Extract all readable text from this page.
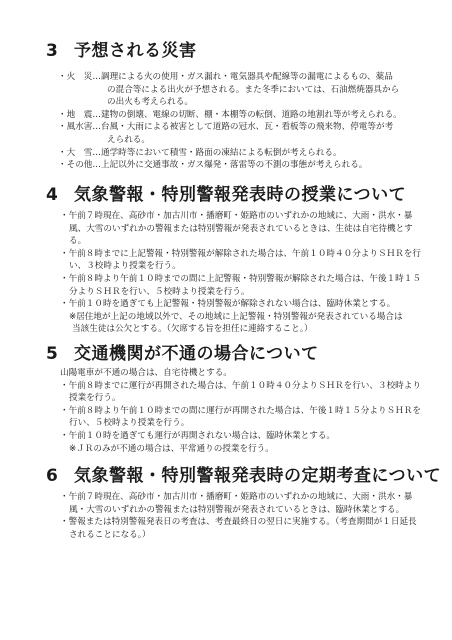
3 予想される災害
・火　災…調理による火の使用・ガス漏れ・電気器具や配線等の漏電によるもの、薬品
の混合等による出火が予想される。また冬季においては、石油燃焼器具から
の出火も考えられる。
・地　震…建物の倒壊、電線の切断、棚・本棚等の転倒、道路の地割れ等が考えられる。
・風水害…台風・大雨による被害として道路の冠水、瓦・看板等の飛来物、停電等が考
えられる。
・大　雪…通学時等において積雪・路面の凍結による転倒が考えられる。
・その他…上記以外に交通事故・ガス爆発・落雷等の不測の事態が考えられる。
4 気象警報・特別警報発表時の授業について
・午前７時現在、高砂市・加古川市・播磨町・姫路市のいずれかの地域に、大雨・洪水・暴
風、大雪のいずれかの警報または特別警報が発表されているときは、生徒は自宅待機とす
る。
・午前８時までに上記警報・特別警報が解除された場合は、午前１０時４０分よりＳＨＲを行
い、３校時より授業を行う。
・午前８時より午前１０時までの間に上記警報・特別警報が解除された場合は、午後１時１５
分よりＳＨＲを行い、５校時より授業を行う。
・午前１０時を過ぎても上記警報・特別警報が解除されない場合は、臨時休業とする。
※居住地が上記の地域以外で、その地域に上記警報・特別警報が発表されている場合は
当該生徒は公欠とする。（欠席する旨を担任に連絡すること。）
5 交通機関が不通の場合について
山陽電車が不通の場合は、自宅待機とする。
・午前８時までに運行が再開された場合は、午前１０時４０分よりＳＨＲを行い、３校時より
授業を行う。
・午前８時より午前１０時までの間に運行が再開された場合は、午後１時１５分よりＳＨＲを
行い、５校時より授業を行う。
・午前１０時を過ぎても運行が再開されない場合は、臨時休業とする。
※ＪＲのみが不通の場合は、平常通りの授業を行う。
6 気象警報・特別警報発表時の定期考査について
・午前７時現在、高砂市・加古川市・播磨町・姫路市のいずれかの地域に、大雨・洪水・暴
風・大雪のいずれかの警報または特別警報が発表されているときは、臨時休業とする。
・警報または特別警報発表日の考査は、考査最終日の翌日に実施する。（考査期間が１日延長
されることになる。）
